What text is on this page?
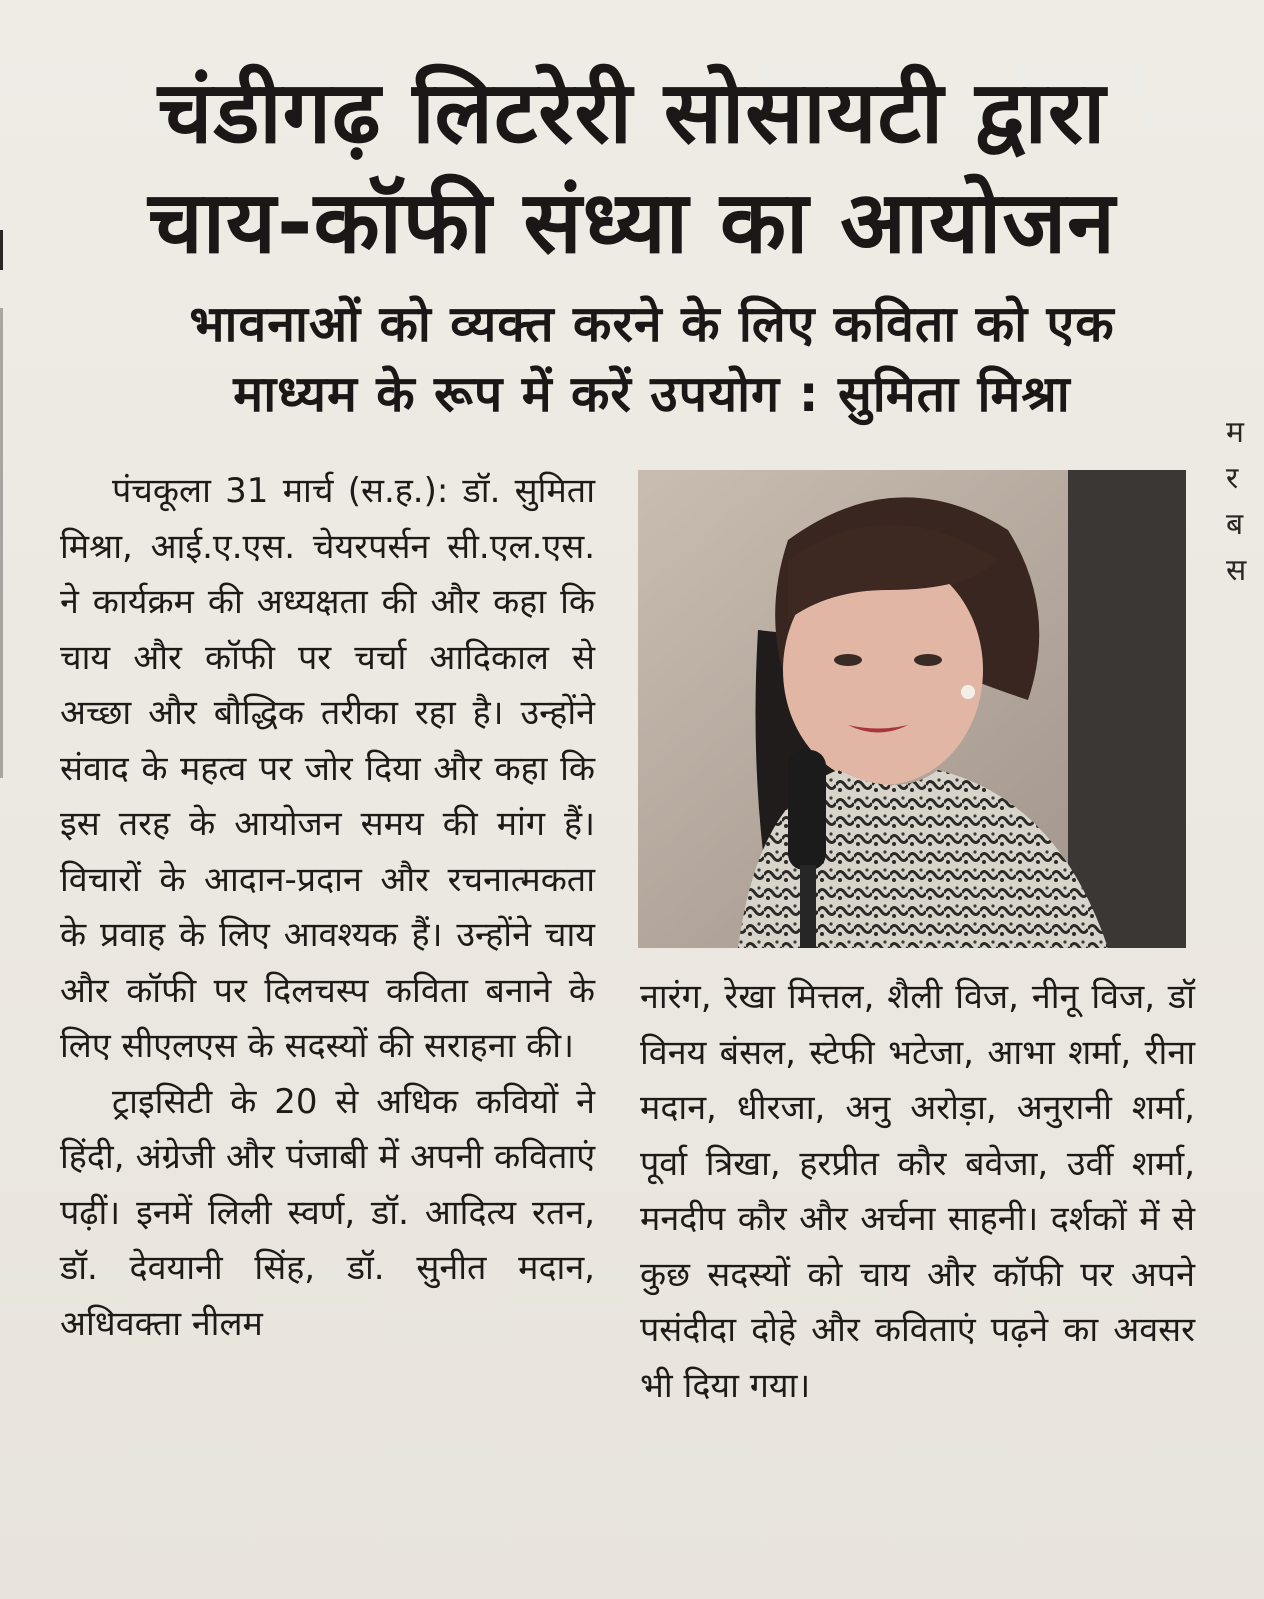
चंडीगढ़ लिटरेरी सोसायटी द्वारा
चाय-कॉफी संध्या का आयोजन
भावनाओं को व्यक्त करने के लिए कविता को एक
माध्यम के रूप में करें उपयोग : सुमिता मिश्रा

पंचकूला 31 मार्च (स.ह.): डॉ. सुमिता मिश्रा, आई.ए.एस. चेयरपर्सन सी.एल.एस. ने कार्यक्रम की अध्यक्षता की और कहा कि चाय और कॉफी पर चर्चा आदिकाल से अच्छा और बौद्धिक तरीका रहा है। उन्होंने संवाद के महत्व पर जोर दिया और कहा कि इस तरह के आयोजन समय की मांग हैं। विचारों के आदान-प्रदान और रचनात्मकता के प्रवाह के लिए आवश्यक हैं। उन्होंने चाय और कॉफी पर दिलचस्प कविता बनाने के लिए सीएलएस के सदस्यों की सराहना की।

ट्राइसिटी के 20 से अधिक कवियों ने हिंदी, अंग्रेजी और पंजाबी में अपनी कविताएं पढ़ीं। इनमें लिली स्वर्ण, डॉ. आदित्य रतन, डॉ. देवयानी सिंह, डॉ. सुनीत मदान, अधिवक्ता नीलम

नारंग, रेखा मित्तल, शैली विज, नीनू विज, डॉ विनय बंसल, स्टेफी भटेजा, आभा शर्मा, रीना मदान, धीरजा, अनु अरोड़ा, अनुरानी शर्मा, पूर्वा त्रिखा, हरप्रीत कौर बवेजा, उर्वी शर्मा, मनदीप कौर और अर्चना साहनी। दर्शकों में से कुछ सदस्यों को चाय और कॉफी पर अपने पसंदीदा दोहे और कविताएं पढ़ने का अवसर भी दिया गया।

म र ब स
